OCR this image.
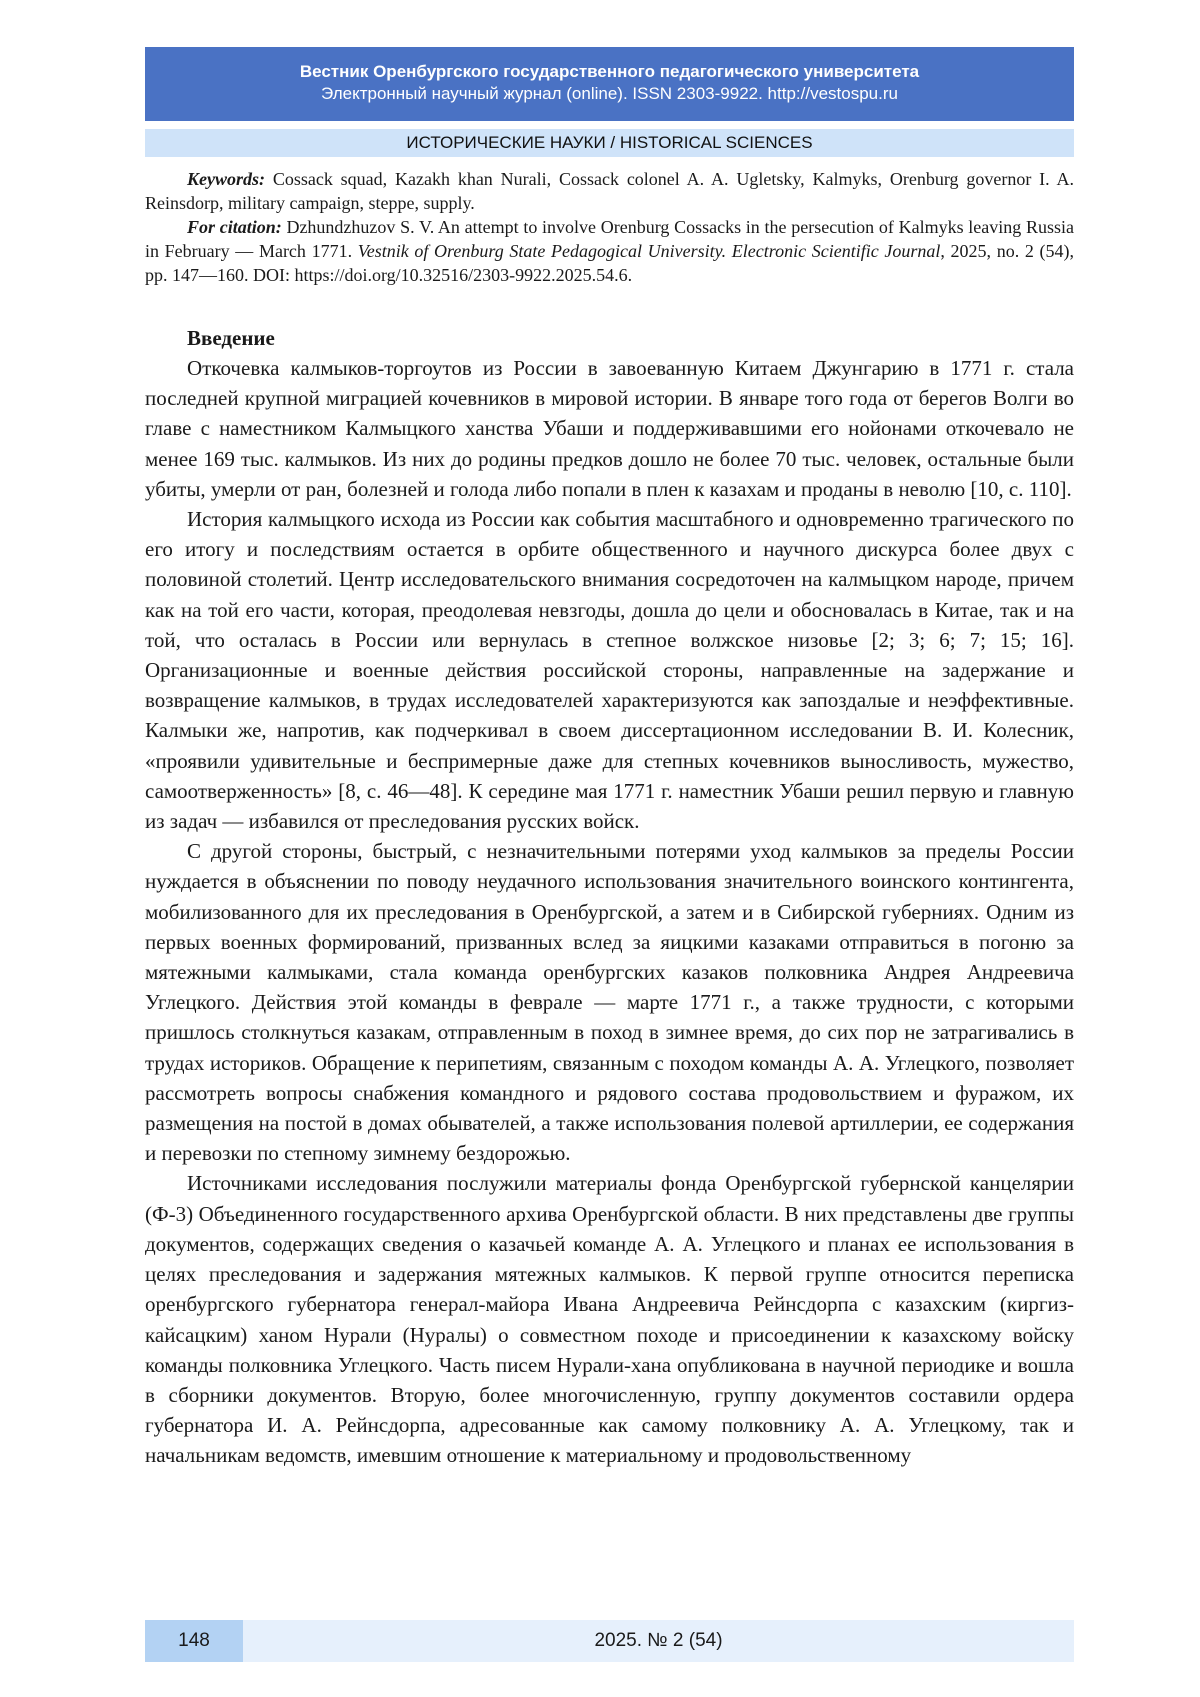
Вестник Оренбургского государственного педагогического университета
Электронный научный журнал (online). ISSN 2303-9922. http://vestospu.ru
ИСТОРИЧЕСКИЕ НАУКИ / HISTORICAL SCIENCES

Keywords: Cossack squad, Kazakh khan Nurali, Cossack colonel A. A. Ugletsky, Kalmyks, Orenburg governor I. A. Reinsdorp, military campaign, steppe, supply.

For citation: Dzhundzhuzov S. V. An attempt to involve Orenburg Cossacks in the persecution of Kalmyks leaving Russia in February — March 1771. Vestnik of Orenburg State Pedagogical University. Electronic Scientific Journal, 2025, no. 2 (54), pp. 147—160. DOI: https://doi.org/10.32516/2303-9922.2025.54.6.

Введение

Откочевка калмыков-торгоутов из России в завоеванную Китаем Джунгарию в 1771 г. стала последней крупной миграцией кочевников в мировой истории. В январе того года от берегов Волги во главе с наместником Калмыцкого ханства Убаши и поддерживавшими его нойонами откочевало не менее 169 тыс. калмыков. Из них до родины предков дошло не более 70 тыс. человек, остальные были убиты, умерли от ран, болезней и голода либо попали в плен к казахам и проданы в неволю [10, с. 110].

История калмыцкого исхода из России как события масштабного и одновременно трагического по его итогу и последствиям остается в орбите общественного и научного дискурса более двух с половиной столетий. Центр исследовательского внимания сосредоточен на калмыцком народе, причем как на той его части, которая, преодолевая невзгоды, дошла до цели и обосновалась в Китае, так и на той, что осталась в России или вернулась в степное волжское низовье [2; 3; 6; 7; 15; 16]. Организационные и военные действия российской стороны, направленные на задержание и возвращение калмыков, в трудах исследователей характеризуются как запоздалые и неэффективные. Калмыки же, напротив, как подчеркивал в своем диссертационном исследовании В. И. Колесник, «проявили удивительные и беспримерные даже для степных кочевников выносливость, мужество, самоотверженность» [8, с. 46—48]. К середине мая 1771 г. наместник Убаши решил первую и главную из задач — избавился от преследования русских войск.

С другой стороны, быстрый, с незначительными потерями уход калмыков за пределы России нуждается в объяснении по поводу неудачного использования значительного воинского контингента, мобилизованного для их преследования в Оренбургской, а затем и в Сибирской губерниях. Одним из первых военных формирований, призванных вслед за яицкими казаками отправиться в погоню за мятежными калмыками, стала команда оренбургских казаков полковника Андрея Андреевича Углецкого. Действия этой команды в феврале — марте 1771 г., а также трудности, с которыми пришлось столкнуться казакам, отправленным в поход в зимнее время, до сих пор не затрагивались в трудах историков. Обращение к перипетиям, связанным с походом команды А. А. Углецкого, позволяет рассмотреть вопросы снабжения командного и рядового состава продовольствием и фуражом, их размещения на постой в домах обывателей, а также использования полевой артиллерии, ее содержания и перевозки по степному зимнему бездорожью.

Источниками исследования послужили материалы фонда Оренбургской губернской канцелярии (Ф-3) Объединенного государственного архива Оренбургской области. В них представлены две группы документов, содержащих сведения о казачьей команде А. А. Углецкого и планах ее использования в целях преследования и задержания мятежных калмыков. К первой группе относится переписка оренбургского губернатора генерал-майора Ивана Андреевича Рейнсдорпа с казахским (киргиз-кайсацким) ханом Нурали (Нуралы) о совместном походе и присоединении к казахскому войску команды полковника Углецкого. Часть писем Нурали-хана опубликована в научной периодике и вошла в сборники документов. Вторую, более многочисленную, группу документов составили ордера губернатора И. А. Рейнсдорпа, адресованные как самому полковнику А. А. Углецкому, так и начальникам ведомств, имевшим отношение к материальному и продовольственному

148	2025. № 2 (54)
